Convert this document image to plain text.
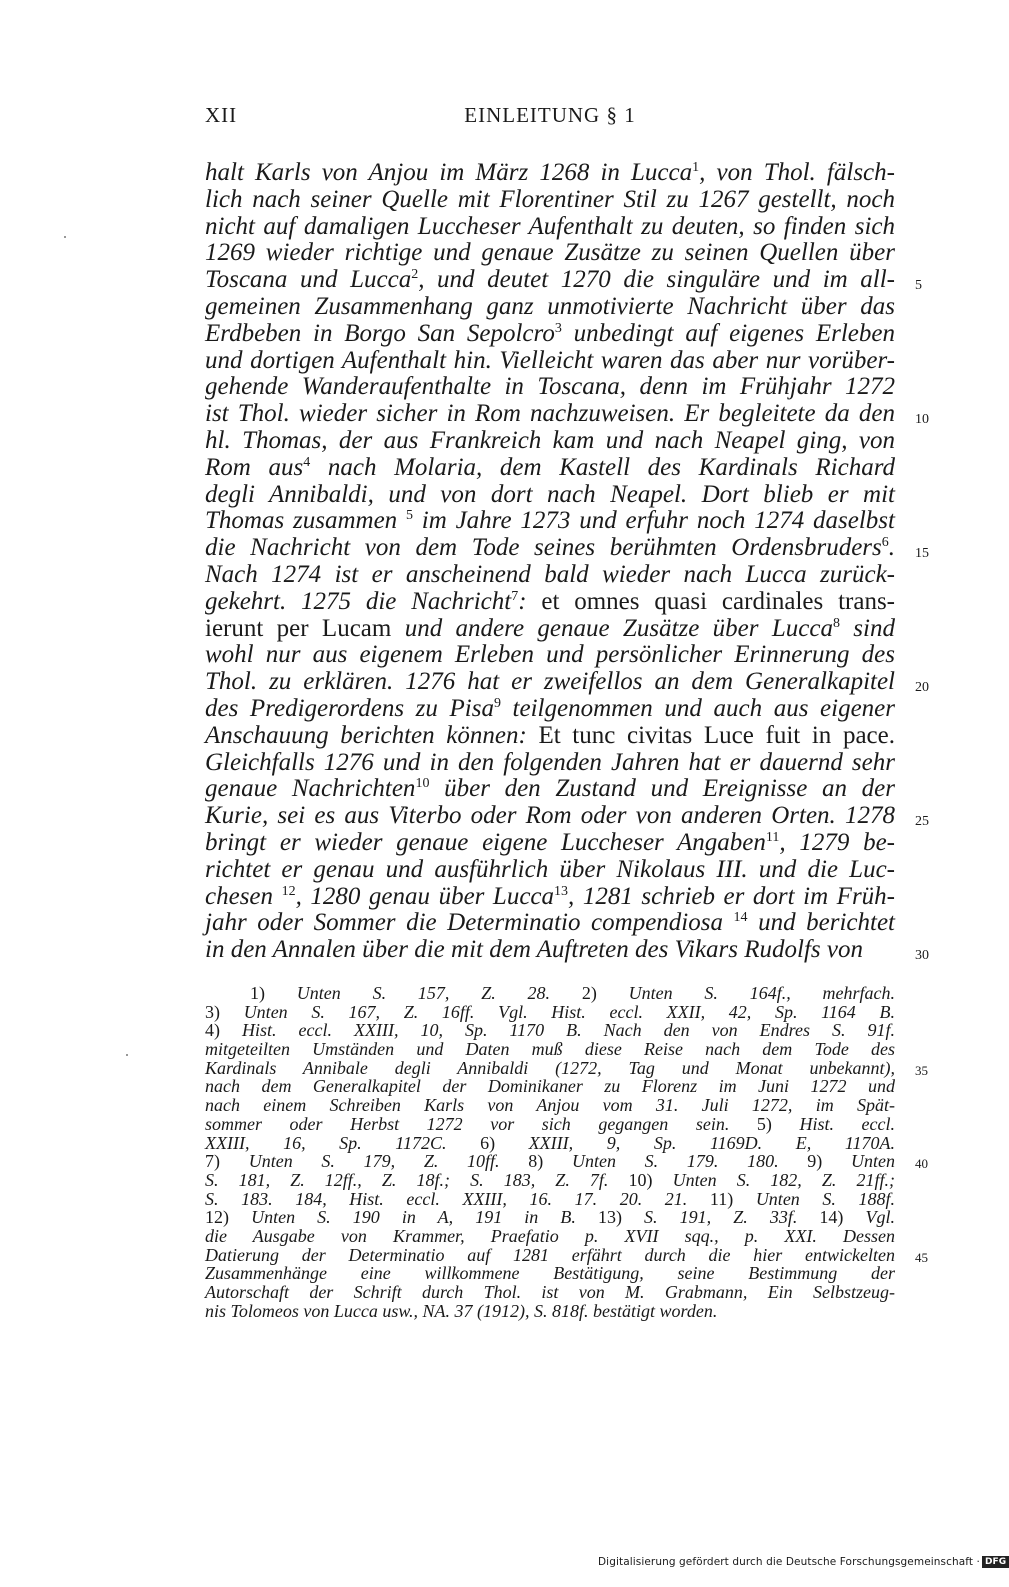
XII	EINLEITUNG § 1
halt Karls von Anjou im März 1268 in Lucca$^1$, von Thol. fälsch-
lich nach seiner Quelle mit Florentiner Stil zu 1267 gestellt, noch
nicht auf damaligen Luccheser Aufenthalt zu deuten, so finden sich
1269 wieder richtige und genaue Zusätze zu seinen Quellen über
Toscana und Lucca$^2$, und deutet 1270 die singuläre und im all- 5
gemeinen Zusammenhang ganz unmotivierte Nachricht über das
Erdbeben in Borgo San Sepolcro$^3$ unbedingt auf eigenes Erleben
und dortigen Aufenthalt hin. Vielleicht waren das aber nur vorüber-
gehende Wanderaufenthalte in Toscana, denn im Frühjahr 1272
ist Thol. wieder sicher in Rom nachzuweisen. Er begleitete da den 10
hl. Thomas, der aus Frankreich kam und nach Neapel ging, von
Rom aus$^4$ nach Molaria, dem Kastell des Kardinals Richard
degli Annibaldi, und von dort nach Neapel. Dort blieb er mit
Thomas zusammen $^5$ im Jahre 1273 und erfuhr noch 1274 daselbst
die Nachricht von dem Tode seines berühmten Ordensbruders$^6$. 15
Nach 1274 ist er anscheinend bald wieder nach Lucca zurück-
gekehrt. 1275 die Nachricht$^7$: et omnes quasi cardinales trans-
ierunt per Lucam und andere genaue Zusätze über Lucca$^8$ sind
wohl nur aus eigenem Erleben und persönlicher Erinnerung des
Thol. zu erklären. 1276 hat er zweifellos an dem Generalkapitel 20
des Predigerordens zu Pisa$^9$ teilgenommen und auch aus eigener
Anschauung berichten können: Et tunc civitas Luce fuit in pace.
Gleichfalls 1276 und in den folgenden Jahren hat er dauernd sehr
genaue Nachrichten$^{10}$ über den Zustand und Ereignisse an der
Kurie, sei es aus Viterbo oder Rom oder von anderen Orten. 1278 25
bringt er wieder genaue eigene Luccheser Angaben$^{11}$, 1279 be-
richtet er genau und ausführlich über Nikolaus III. und die Luc-
chesen $^{12}$, 1280 genau über Lucca$^{13}$, 1281 schrieb er dort im Früh-
jahr oder Sommer die Determinatio compendiosa $^{14}$ und berichtet
in den Annalen über die mit dem Auftreten des Vikars Rudolfs von	30
1) Unten S. 157, Z. 28. 2) Unten S. 164f., mehrfach.
3) Unten S. 167, Z. 16ff. Vgl. Hist. eccl. XXII, 42, Sp. 1164 B.
4) Hist. eccl. XXIII, 10, Sp. 1170 B. Nach den von Endres S. 91f.
mitgeteilten Umständen und Daten muß diese Reise nach dem Tode des
Kardinals Annibale degli Annibaldi (1272, Tag und Monat unbekannt), 35
nach dem Generalkapitel der Dominikaner zu Florenz im Juni 1272 und
nach einem Schreiben Karls von Anjou vom 31. Juli 1272, im Spät-
sommer oder Herbst 1272 vor sich gegangen sein. 5) Hist. eccl.
XXIII, 16, Sp. 1172C. 6) XXIII, 9, Sp. 1169D. E, 1170A.
7) Unten S. 179, Z. 10ff. 8) Unten S. 179. 180. 9) Unten 40
S. 181, Z. 12ff., Z. 18f.; S. 183, Z. 7f. 10) Unten S. 182, Z. 21ff.;
S. 183. 184, Hist. eccl. XXIII, 16. 17. 20. 21. 11) Unten S. 188f.
12) Unten S. 190 in A, 191 in B. 13) S. 191, Z. 33f. 14) Vgl.
die Ausgabe von Krammer, Praefatio p. XVII sqq., p. XXI. Dessen
Datierung der Determinatio auf 1281 erfährt durch die hier entwickelten 45
Zusammenhänge eine willkommene Bestätigung, seine Bestimmung der
Autorschaft der Schrift durch Thol. ist von M. Grabmann, Ein Selbstzeug-
nis Tolomeos von Lucca usw., NA. 37 (1912), S. 818f. bestätigt worden.
Digitalisierung gefördert durch die Deutsche Forschungsgemeinschaft · DFG
